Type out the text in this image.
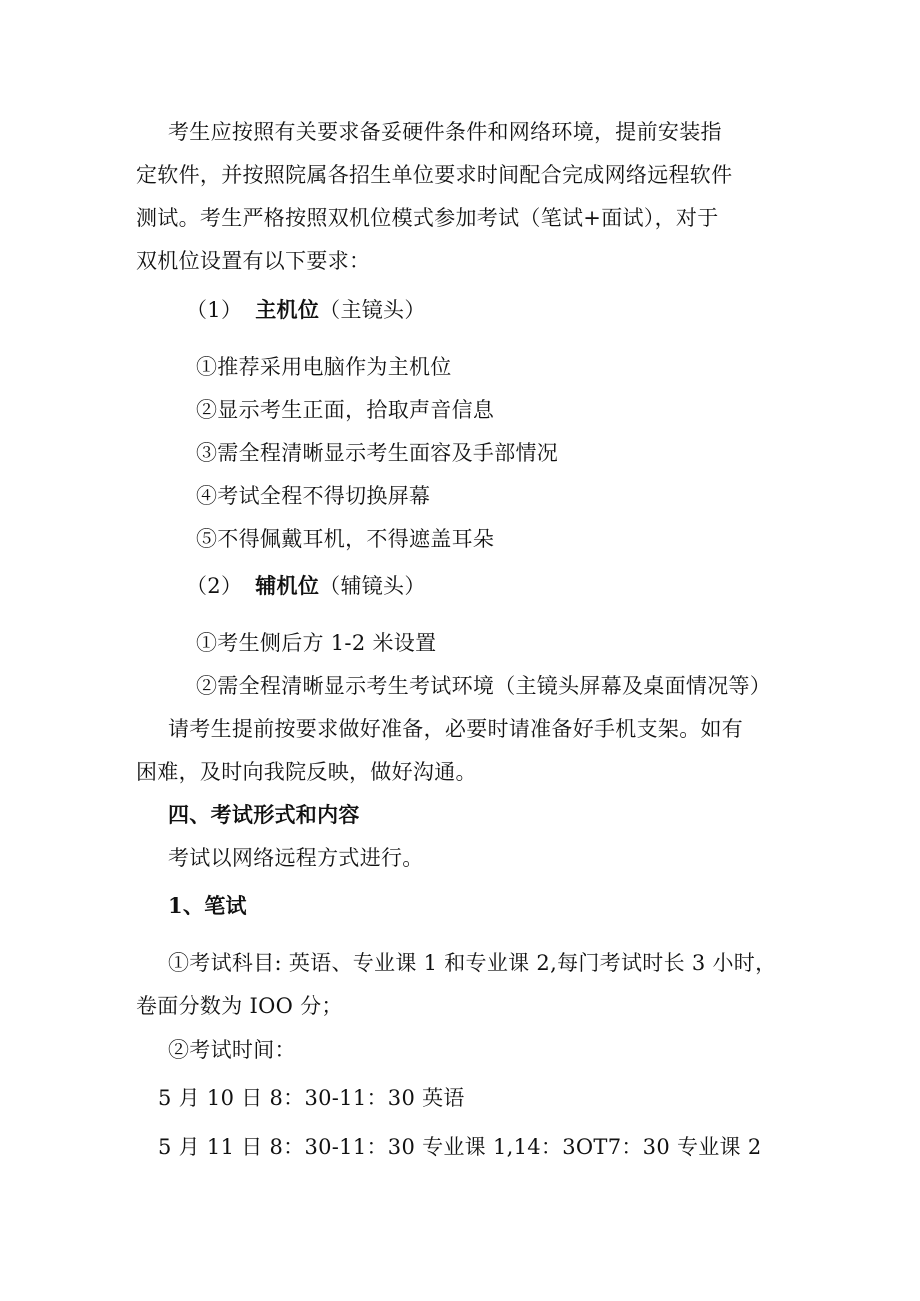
考生应按照有关要求备妥硬件条件和网络环境，提前安装指
定软件，并按照院属各招生单位要求时间配合完成网络远程软件
测试。考生严格按照双机位模式参加考试（笔试+面试），对于
双机位设置有以下要求：
（1） 主机位（主镜头）
①推荐采用电脑作为主机位
②显示考生正面，拾取声音信息
③需全程清晰显示考生面容及手部情况
④考试全程不得切换屏幕
⑤不得佩戴耳机，不得遮盖耳朵
（2） 辅机位（辅镜头）
①考生侧后方 1-2 米设置
②需全程清晰显示考生考试环境（主镜头屏幕及桌面情况等）
请考生提前按要求做好准备，必要时请准备好手机支架。如有
困难，及时向我院反映，做好沟通。
四、考试形式和内容
考试以网络远程方式进行。
1、笔试
①考试科目: 英语、专业课 1 和专业课 2,每门考试时长 3 小时，
卷面分数为 IOO 分；
②考试时间：
5 月 10 日 8：30-11：30 英语
5 月 11 日 8：30-11：30 专业课 1,14：3OT7：30 专业课 2
